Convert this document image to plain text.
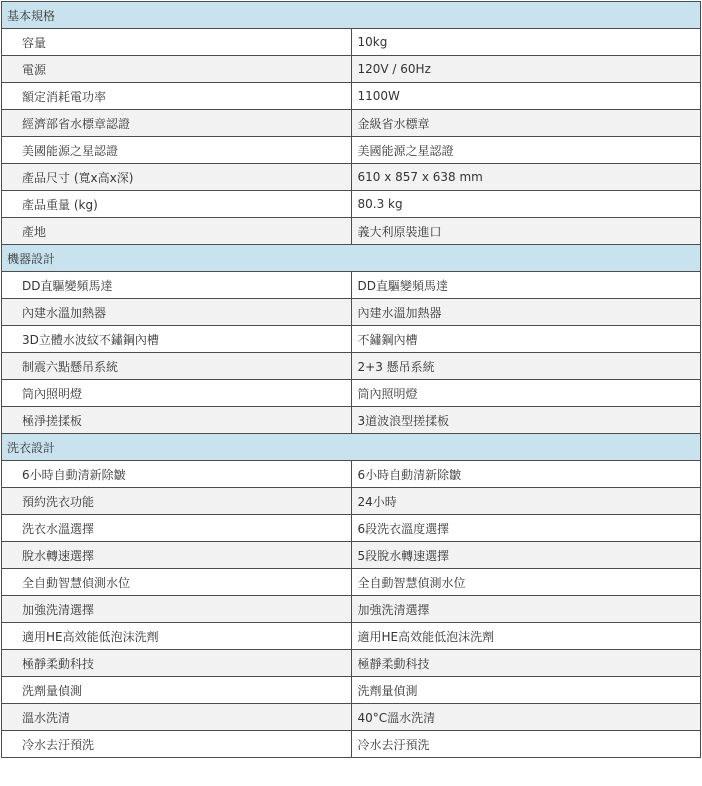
基本規格	
容量	10kg
電源	120V / 60Hz
額定消耗電功率	1100W
經濟部省水標章認證	金級省水標章
美國能源之星認證	美國能源之星認證
產品尺寸 (寬x高x深)	610 x 857 x 638 mm
產品重量 (kg)	80.3 kg
產地	義大利原裝進口
機器設計	
DD直驅變頻馬達	DD直驅變頻馬達
內建水溫加熱器	內建水溫加熱器
3D立體水波紋不鏽鋼內槽	不鏽鋼內槽
制震六點懸吊系統	2+3 懸吊系統
筒內照明燈	筒內照明燈
極淨搓揉板	3道波浪型搓揉板
洗衣設計	
6小時自動清新除皺	6小時自動清新除皺
預約洗衣功能	24小時
洗衣水溫選擇	6段洗衣溫度選擇
脫水轉速選擇	5段脫水轉速選擇
全自動智慧偵測水位	全自動智慧偵測水位
加強洗清選擇	加強洗清選擇
適用HE高效能低泡沫洗劑	適用HE高效能低泡沫洗劑
極靜柔動科技	極靜柔動科技
洗劑量偵測	洗劑量偵測
溫水洗清	40°C溫水洗清
冷水去汙預洗	冷水去汙預洗
